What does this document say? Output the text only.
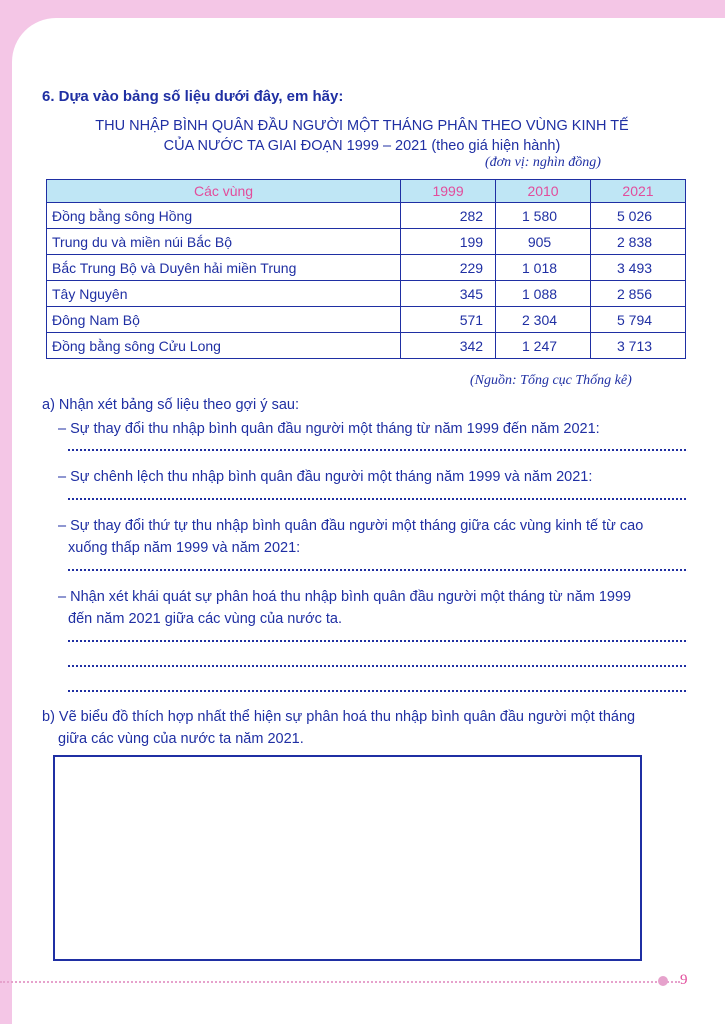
6. Dựa vào bảng số liệu dưới đây, em hãy:
THU NHẬP BÌNH QUÂN ĐẦU NGƯỜI MỘT THÁNG PHÂN THEO VÙNG KINH TẾ
CỦA NƯỚC TA GIAI ĐOẠN 1999 – 2021 (theo giá hiện hành)
(đơn vị: nghìn đồng)
Các vùng	1999	2010	2021
Đồng bằng sông Hồng	282	1 580	5 026
Trung du và miền núi Bắc Bộ	199	905	2 838
Bắc Trung Bộ và Duyên hải miền Trung	229	1 018	3 493
Tây Nguyên	345	1 088	2 856
Đông Nam Bộ	571	2 304	5 794
Đồng bằng sông Cửu Long	342	1 247	3 713
(Nguồn: Tổng cục Thống kê)
a) Nhận xét bảng số liệu theo gợi ý sau:
– Sự thay đổi thu nhập bình quân đầu người một tháng từ năm 1999 đến năm 2021:
– Sự chênh lệch thu nhập bình quân đầu người một tháng năm 1999 và năm 2021:
– Sự thay đổi thứ tự thu nhập bình quân đầu người một tháng giữa các vùng kinh tế từ cao
xuống thấp năm 1999 và năm 2021:
– Nhận xét khái quát sự phân hoá thu nhập bình quân đầu người một tháng từ năm 1999
đến năm 2021 giữa các vùng của nước ta.
b) Vẽ biểu đồ thích hợp nhất thể hiện sự phân hoá thu nhập bình quân đầu người một tháng
giữa các vùng của nước ta năm 2021.
9
